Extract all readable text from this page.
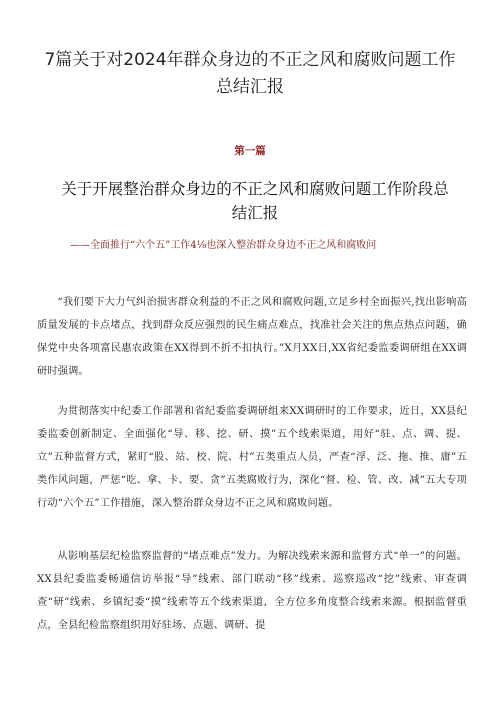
7篇关于对2024年群众身边的不正之风和腐败问题工作总结汇报

第一篇

关于开展整治群众身边的不正之风和腐败问题工作阶段总结汇报

——全面推行“六个五”工作4⅛也深入整治群众身边不正之风和腐败问

“我们要下大力气纠治损害群众利益的不正之风和腐败问题,立足乡村全面振兴,找出影响高质量发展的卡点堵点，找到群众反应强烈的民生痛点难点，找准社会关注的焦点热点问题，确保党中央各项富民惠农政策在XX得到不折不扣执行。”X月XX日,XX省纪委监委调研组在XX调研时强调。

为贯彻落实中纪委工作部署和省纪委监委调研组来XX调研时的工作要求，近日，XX县纪委监委创新制定、全面强化“导、移、挖、研、摸”五个线索渠道，用好“驻、点、调、提、立”五种监督方式，紧盯“股、站、校、院、村”五类重点人员，严查“浮、泛、拖、推、庸”五类作风问题，严惩“吃、拿、卡、要、贪”五类腐败行为，深化“督、检、管、改、减”五大专项行动“六个五”工作措施，深入整治群众身边不正之风和腐败问题。

从影响基层纪检监察监督的“堵点难点”发力。为解决线索来源和监督方式“单一”的问题。XX县纪委监委畅通信访举报“导”线索、部门联动“移”线索、巡察巡改“挖”线索、审查调查“研”线索、乡镇纪委“摸”线索等五个线索渠道，全方位多角度整合线索来源。根据监督重点，全县纪检监察组织用好驻场、点题、调研、提
